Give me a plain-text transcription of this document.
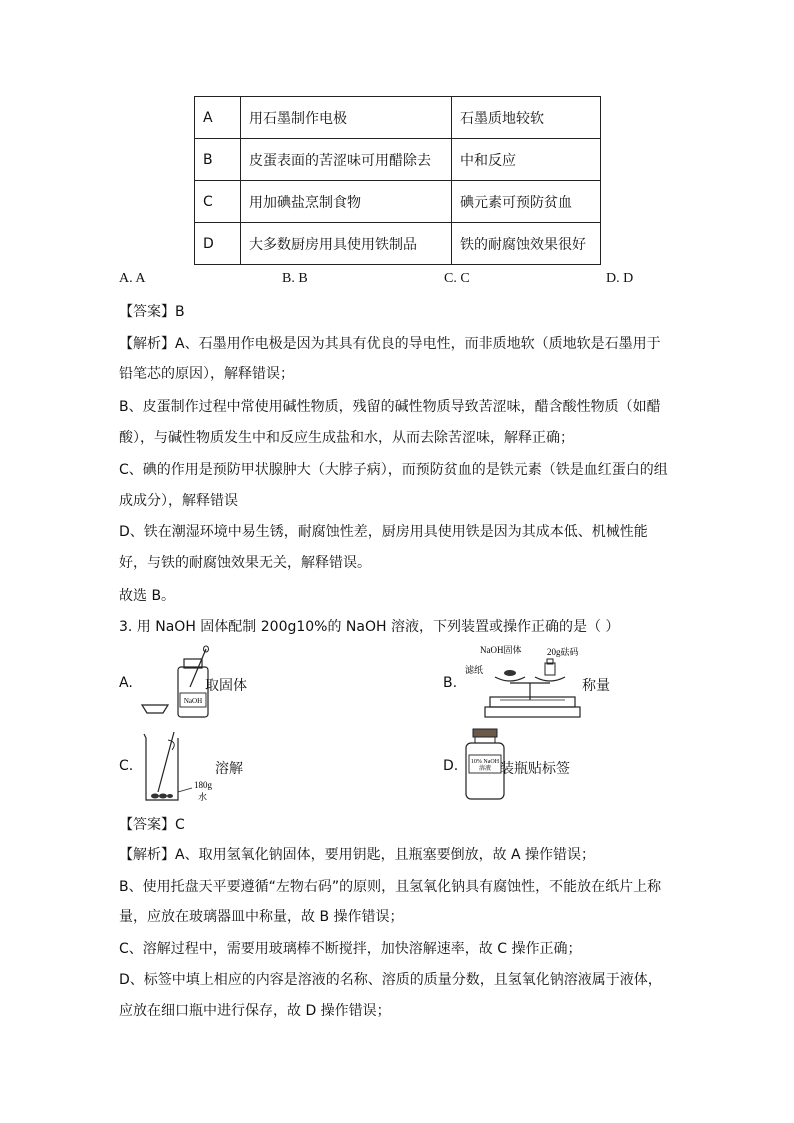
A	用石墨制作电极	石墨质地较软
B	皮蛋表面的苦涩味可用醋除去	中和反应
C	用加碘盐烹制食物	碘元素可预防贫血
D	大多数厨房用具使用铁制品	铁的耐腐蚀效果很好
A. A	B. B	C. C	D. D
【答案】B
【解析】A、石墨用作电极是因为其具有优良的导电性，而非质地软（质地软是石墨用于
铅笔芯的原因），解释错误；
B、皮蛋制作过程中常使用碱性物质，残留的碱性物质导致苦涩味，醋含酸性物质（如醋
酸），与碱性物质发生中和反应生成盐和水，从而去除苦涩味，解释正确；
C、碘的作用是预防甲状腺肿大（大脖子病），而预防贫血的是铁元素（铁是血红蛋白的组
成成分），解释错误
D、铁在潮湿环境中易生锈，耐腐蚀性差，厨房用具使用铁是因为其成本低、机械性能
好，与铁的耐腐蚀效果无关，解释错误。
故选 B。
3. 用 NaOH 固体配制 200g10%的 NaOH 溶液，下列装置或操作正确的是（ ）
A.
NaOH
取固体	B.
NaOH固体	20g砝码
滤纸
称量
C.
180g
水
溶解	D. 10% NaOH
溶液 装瓶贴标签
【答案】C
【解析】A、取用氢氧化钠固体，要用钥匙，且瓶塞要倒放，故 A 操作错误；
B、使用托盘天平要遵循“左物右码”的原则，且氢氧化钠具有腐蚀性，不能放在纸片上称
量，应放在玻璃器皿中称量，故 B 操作错误；
C、溶解过程中，需要用玻璃棒不断搅拌，加快溶解速率，故 C 操作正确；
D、标签中填上相应的内容是溶液的名称、溶质的质量分数，且氢氧化钠溶液属于液体，
应放在细口瓶中进行保存，故 D 操作错误；
